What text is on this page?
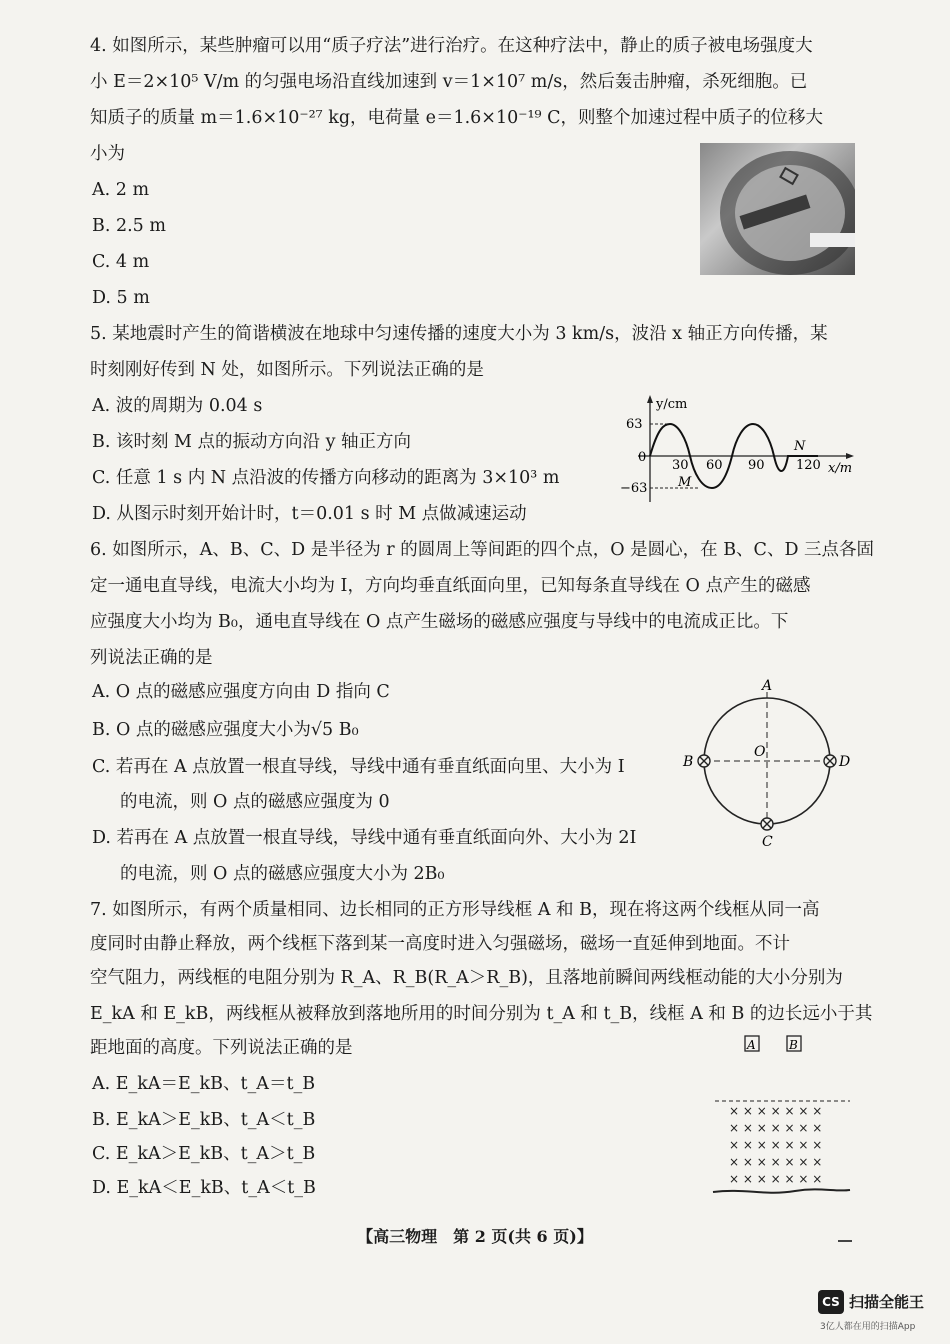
4. 如图所示，某些肿瘤可以用“质子疗法”进行治疗。在这种疗法中，静止的质子被电场强度大
小 E＝2×10⁵ V/m 的匀强电场沿直线加速到 v＝1×10⁷ m/s，然后轰击肿瘤，杀死细胞。已
知质子的质量 m＝1.6×10⁻²⁷ kg，电荷量 e＝1.6×10⁻¹⁹ C，则整个加速过程中质子的位移大
小为
A. 2 m
B. 2.5 m
C. 4 m
D. 5 m
5. 某地震时产生的简谐横波在地球中匀速传播的速度大小为 3 km/s，波沿 x 轴正方向传播，某
时刻刚好传到 N 处，如图所示。下列说法正确的是
A. 波的周期为 0.04 s
B. 该时刻 M 点的振动方向沿 y 轴正方向
C. 任意 1 s 内 N 点沿波的传播方向移动的距离为 3×10³ m
D. 从图示时刻开始计时，t＝0.01 s 时 M 点做减速运动
y/cm
x/m
63
−63
0
30 60 90 120
M
N
6. 如图所示，A、B、C、D 是半径为 r 的圆周上等间距的四个点，O 是圆心，在 B、C、D 三点各固
定一通电直导线，电流大小均为 I，方向均垂直纸面向里，已知每条直导线在 O 点产生的磁感
应强度大小均为 B₀，通电直导线在 O 点产生磁场的磁感应强度与导线中的电流成正比。下
列说法正确的是
A. O 点的磁感应强度方向由 D 指向 C
B. O 点的磁感应强度大小为√5 B₀
C. 若再在 A 点放置一根直导线，导线中通有垂直纸面向里、大小为 I
的电流，则 O 点的磁感应强度为 0
D. 若再在 A 点放置一根直导线，导线中通有垂直纸面向外、大小为 2I
的电流，则 O 点的磁感应强度大小为 2B₀
A
B
C
D
O
7. 如图所示，有两个质量相同、边长相同的正方形导线框 A 和 B，现在将这两个线框从同一高
度同时由静止释放，两个线框下落到某一高度时进入匀强磁场，磁场一直延伸到地面。不计
空气阻力，两线框的电阻分别为 R_A、R_B(R_A＞R_B)，且落地前瞬间两线框动能的大小分别为
E_kA 和 E_kB，两线框从被释放到落地所用的时间分别为 t_A 和 t_B，线框 A 和 B 的边长远小于其
距地面的高度。下列说法正确的是
A. E_kA＝E_kB、t_A＝t_B
B. E_kA＞E_kB、t_A＜t_B
C. E_kA＞E_kB、t_A＞t_B
D. E_kA＜E_kB、t_A＜t_B
A	B
× × × × × × ×
× × × × × × ×
× × × × × × ×
× × × × × × ×
× × × × × × ×
【高三物理　第 2 页(共 6 页)】
CS 扫描全能王
3亿人都在用的扫描App
